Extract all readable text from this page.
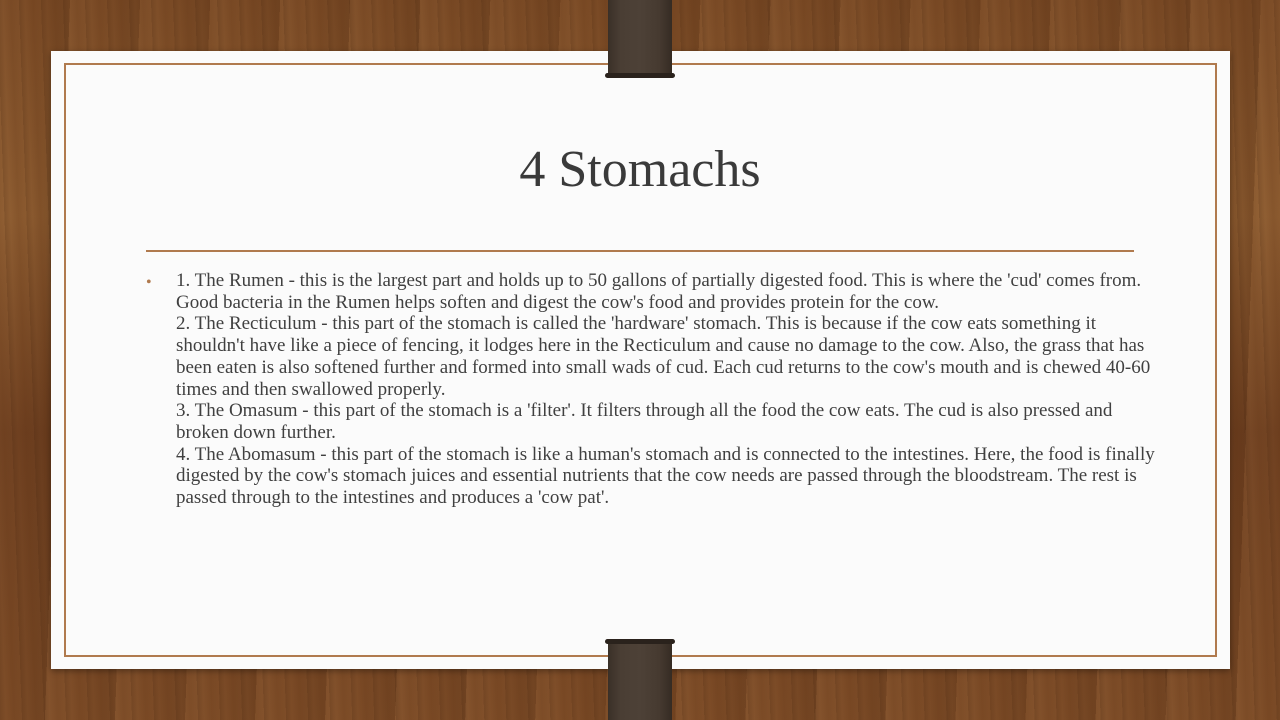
4 Stomachs
• 1. The Rumen - this is the largest part and holds up to 50 gallons of partially digested food. This is where the 'cud' comes from. Good bacteria in the Rumen helps soften and digest the cow's food and provides protein for the cow.

2. The Recticulum - this part of the stomach is called the 'hardware' stomach. This is because if the cow eats something it shouldn't have like a piece of fencing, it lodges here in the Recticulum and cause no damage to the cow. Also, the grass that has been eaten is also softened further and formed into small wads of cud. Each cud returns to the cow's mouth and is chewed 40-60 times and then swallowed properly.

3. The Omasum - this part of the stomach is a 'filter'. It filters through all the food the cow eats. The cud is also pressed and broken down further.

4. The Abomasum - this part of the stomach is like a human's stomach and is connected to the intestines. Here, the food is finally digested by the cow's stomach juices and essential nutrients that the cow needs are passed through the bloodstream. The rest is passed through to the intestines and produces a 'cow pat'.
